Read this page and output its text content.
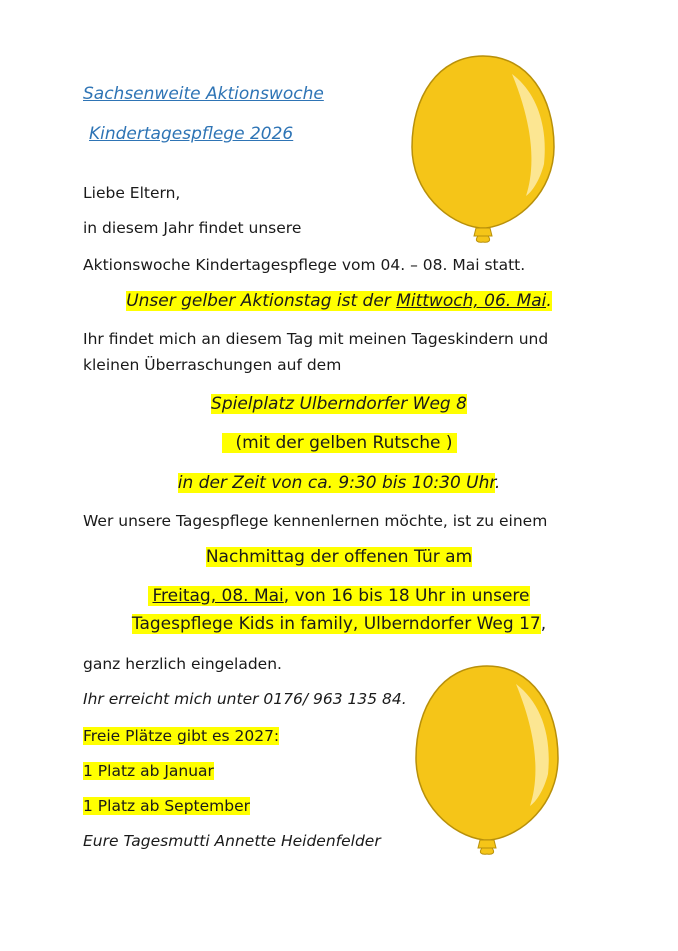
Sachsenweite Aktionswoche
Kindertagespflege 2026
Liebe Eltern,
in diesem Jahr findet unsere
Aktionswoche Kindertagespflege vom 04. – 08. Mai statt.
Unser gelber Aktionstag ist der Mittwoch, 06. Mai.
Ihr findet mich an diesem Tag mit meinen Tageskindern und
kleinen Überraschungen auf dem
Spielplatz Ulberndorfer Weg 8
(mit der gelben Rutsche )
in der Zeit von ca. 9:30 bis 10:30 Uhr.
Wer unsere Tagespflege kennenlernen möchte, ist zu einem
Nachmittag der offenen Tür am
Freitag, 08. Mai, von 16 bis 18 Uhr in unsere
Tagespflege Kids in family, Ulberndorfer Weg 17,
ganz herzlich eingeladen.
Ihr erreicht mich unter 0176/ 963 135 84.
Freie Plätze gibt es 2027:
1 Platz ab Januar
1 Platz ab September
Eure Tagesmutti Annette Heidenfelder
